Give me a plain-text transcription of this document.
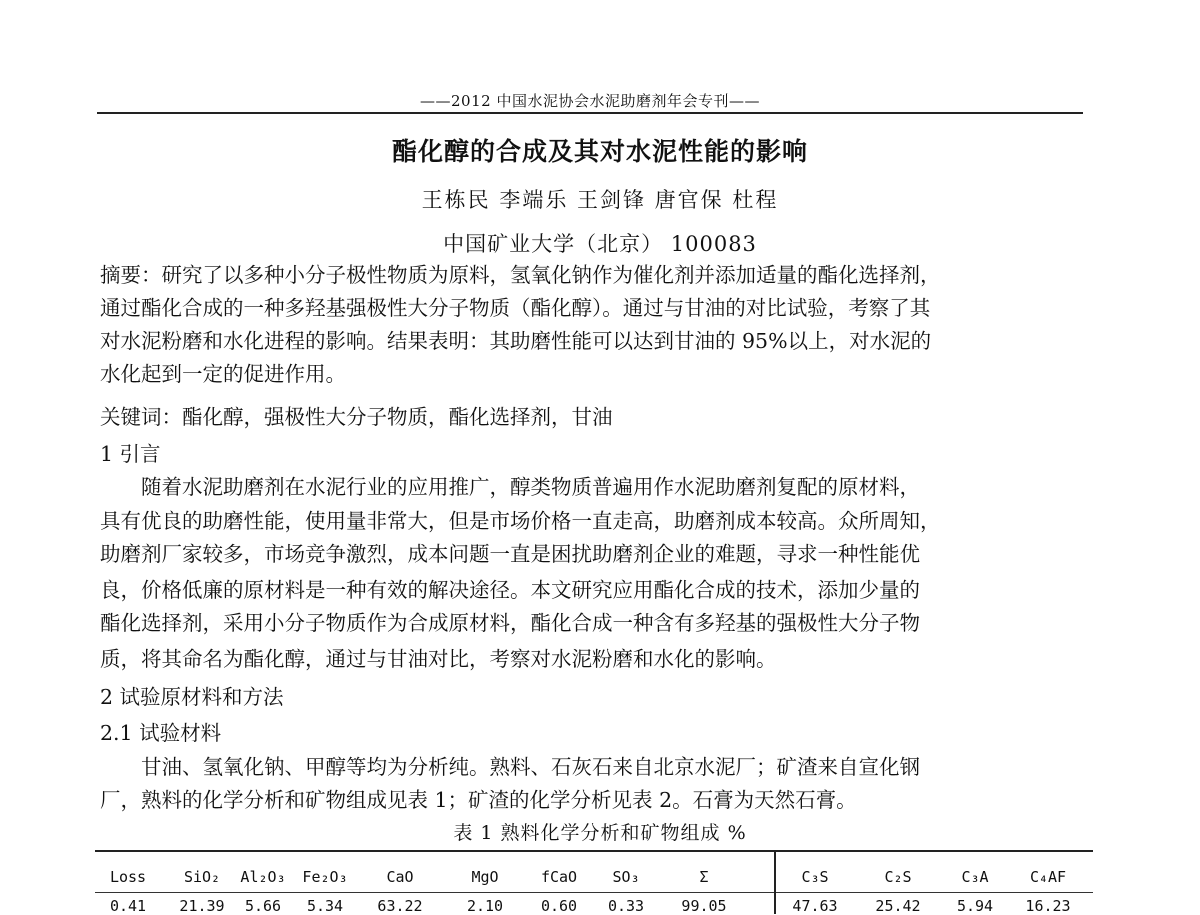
——2012 中国水泥协会水泥助磨剂年会专刊——
酯化醇的合成及其对水泥性能的影响
王栋民 李端乐 王剑锋 唐官保 杜程
中国矿业大学（北京） 100083
摘要：研究了以多种小分子极性物质为原料，氢氧化钠作为催化剂并添加适量的酯化选择剂，
通过酯化合成的一种多羟基强极性大分子物质（酯化醇）。通过与甘油的对比试验，考察了其
对水泥粉磨和水化进程的影响。结果表明：其助磨性能可以达到甘油的 95%以上，对水泥的
水化起到一定的促进作用。
关键词：酯化醇，强极性大分子物质，酯化选择剂，甘油
1 引言
随着水泥助磨剂在水泥行业的应用推广，醇类物质普遍用作水泥助磨剂复配的原材料，
具有优良的助磨性能，使用量非常大，但是市场价格一直走高，助磨剂成本较高。众所周知，
助磨剂厂家较多，市场竞争激烈，成本问题一直是困扰助磨剂企业的难题，寻求一种性能优
良，价格低廉的原材料是一种有效的解决途径。本文研究应用酯化合成的技术，添加少量的
酯化选择剂，采用小分子物质作为合成原材料，酯化合成一种含有多羟基的强极性大分子物
质，将其命名为酯化醇，通过与甘油对比，考察对水泥粉磨和水化的影响。
2 试验原材料和方法
2.1 试验材料
甘油、氢氧化钠、甲醇等均为分析纯。熟料、石灰石来自北京水泥厂；矿渣来自宣化钢
厂，熟料的化学分析和矿物组成见表 1；矿渣的化学分析见表 2。石膏为天然石膏。
表 1 熟料化学分析和矿物组成 %
Loss	SiO₂	Al₂O₃	Fe₂O₃	CaO	MgO	fCaO	SO₃	Σ	C₃S	C₂S	C₃A	C₄AF
0.41	21.39	5.66	5.34	63.22	2.10	0.60	0.33	99.05	47.63	25.42	5.94	16.23
